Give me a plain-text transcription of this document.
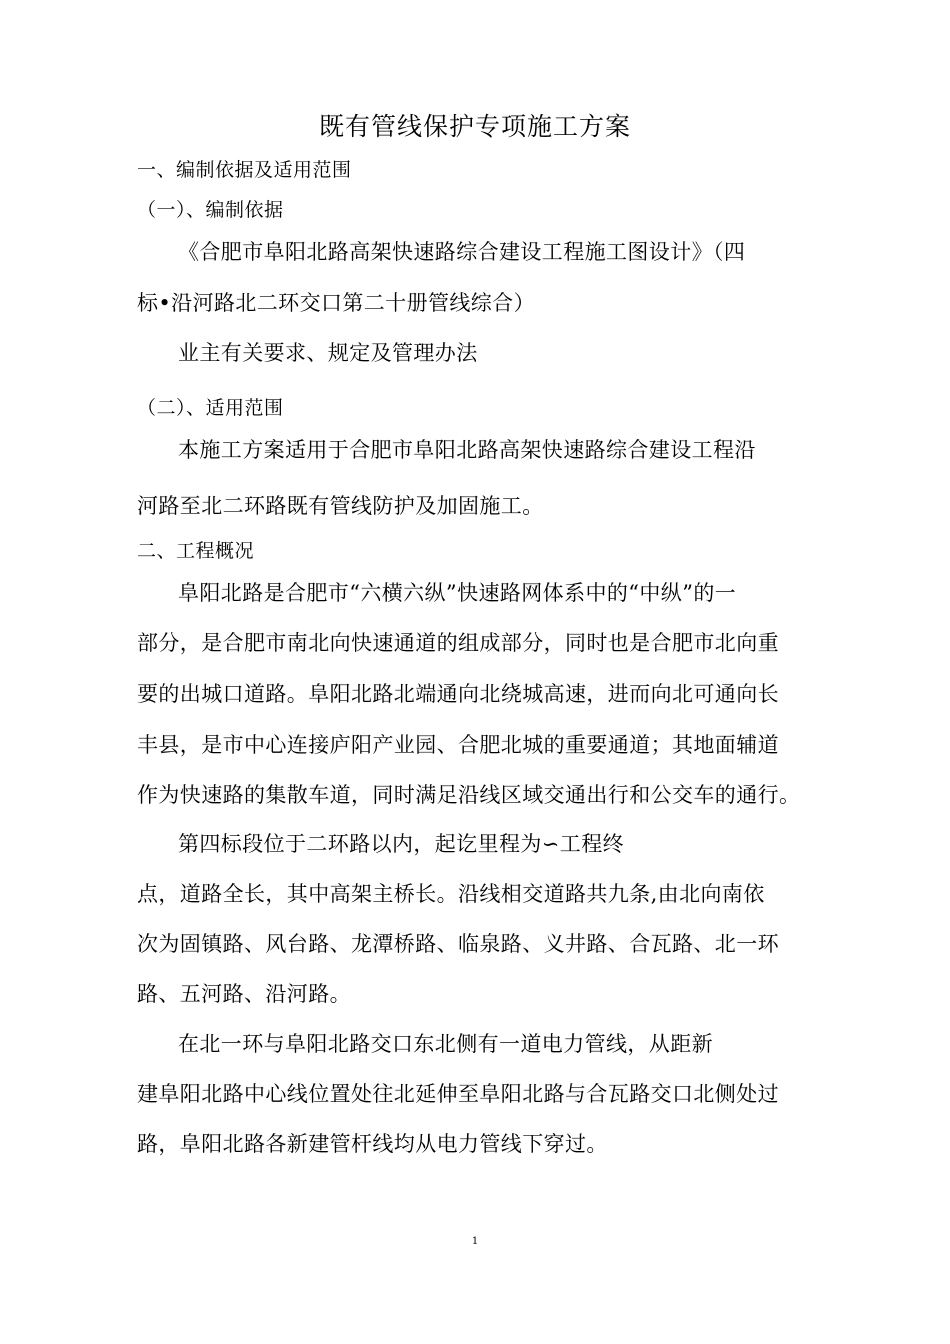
既有管线保护专项施工方案
一、编制依据及适用范围
（一）、编制依据
《合肥市阜阳北路高架快速路综合建设工程施工图设计》（四
标•沿河路北二环交口第二十册管线综合）
业主有关要求、规定及管理办法
（二）、适用范围
本施工方案适用于合肥市阜阳北路高架快速路综合建设工程沿
河路至北二环路既有管线防护及加固施工。
二、工程概况
阜阳北路是合肥市“六横六纵”快速路网体系中的“中纵”的一
部分，是合肥市南北向快速通道的组成部分，同时也是合肥市北向重
要的出城口道路。阜阳北路北端通向北绕城高速，进而向北可通向长
丰县，是市中心连接庐阳产业园、合肥北城的重要通道；其地面辅道
作为快速路的集散车道，同时满足沿线区域交通出行和公交车的通行。
第四标段位于二环路以内，起讫里程为∽工程终
点，道路全长，其中高架主桥长。沿线相交道路共九条,由北向南依
次为固镇路、风台路、龙潭桥路、临泉路、义井路、合瓦路、北一环
路、五河路、沿河路。
在北一环与阜阳北路交口东北侧有一道电力管线，从距新
建阜阳北路中心线位置处往北延伸至阜阳北路与合瓦路交口北侧处过
路，阜阳北路各新建管杆线均从电力管线下穿过。
1
